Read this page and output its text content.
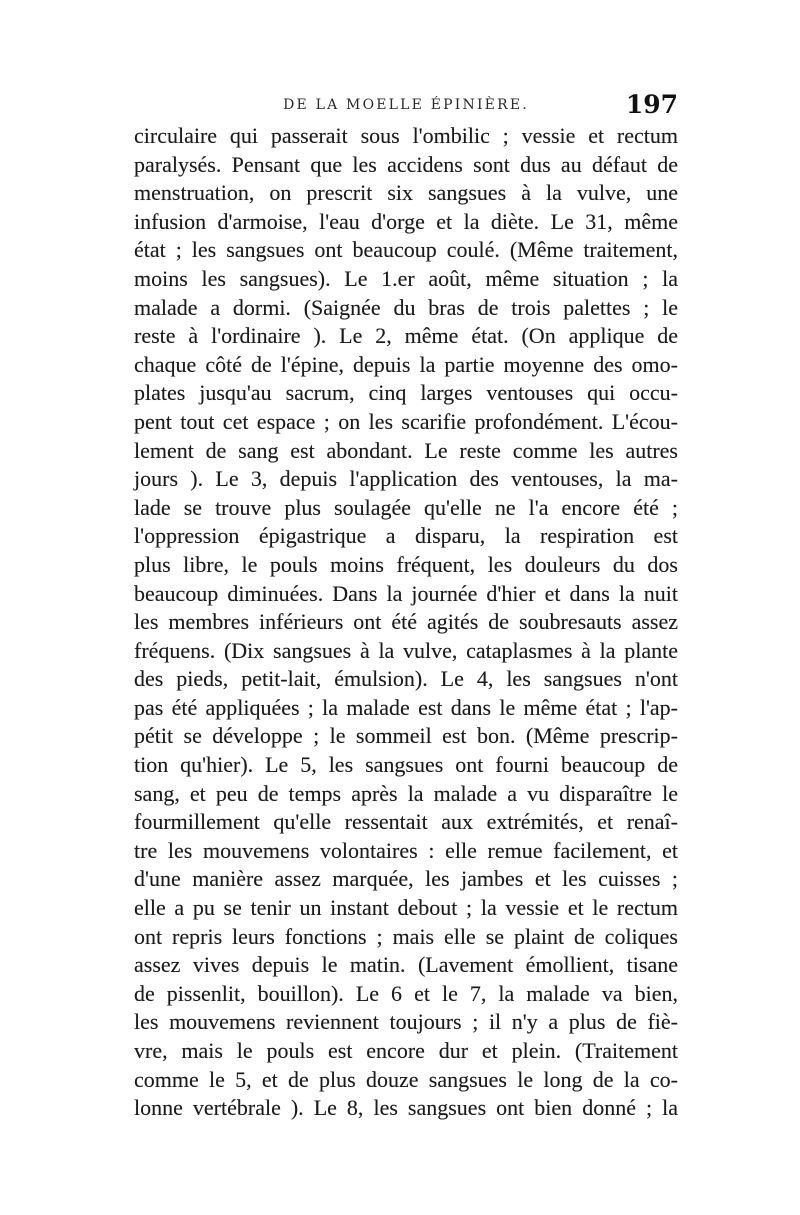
DE LA MOELLE ÉPINIÈRE.	197
circulaire qui passerait sous l'ombilic ; vessie et rectum
paralysés. Pensant que les accidens sont dus au défaut de
menstruation, on prescrit six sangsues à la vulve, une
infusion d'armoise, l'eau d'orge et la diète. Le 31, même
état ; les sangsues ont beaucoup coulé. (Même traitement,
moins les sangsues). Le 1.er août, même situation ; la
malade a dormi. (Saignée du bras de trois palettes ; le
reste à l'ordinaire ). Le 2, même état. (On applique de
chaque côté de l'épine, depuis la partie moyenne des omo-
plates jusqu'au sacrum, cinq larges ventouses qui occu-
pent tout cet espace ; on les scarifie profondément. L'écou-
lement de sang est abondant. Le reste comme les autres
jours ). Le 3, depuis l'application des ventouses, la ma-
lade se trouve plus soulagée qu'elle ne l'a encore été ;
l'oppression épigastrique a disparu, la respiration est
plus libre, le pouls moins fréquent, les douleurs du dos
beaucoup diminuées. Dans la journée d'hier et dans la nuit
les membres inférieurs ont été agités de soubresauts assez
fréquens. (Dix sangsues à la vulve, cataplasmes à la plante
des pieds, petit-lait, émulsion). Le 4, les sangsues n'ont
pas été appliquées ; la malade est dans le même état ; l'ap-
pétit se développe ; le sommeil est bon. (Même prescrip-
tion qu'hier). Le 5, les sangsues ont fourni beaucoup de
sang, et peu de temps après la malade a vu disparaître le
fourmillement qu'elle ressentait aux extrémités, et renaî-
tre les mouvemens volontaires : elle remue facilement, et
d'une manière assez marquée, les jambes et les cuisses ;
elle a pu se tenir un instant debout ; la vessie et le rectum
ont repris leurs fonctions ; mais elle se plaint de coliques
assez vives depuis le matin. (Lavement émollient, tisane
de pissenlit, bouillon). Le 6 et le 7, la malade va bien,
les mouvemens reviennent toujours ; il n'y a plus de fiè-
vre, mais le pouls est encore dur et plein. (Traitement
comme le 5, et de plus douze sangsues le long de la co-
lonne vertébrale ). Le 8, les sangsues ont bien donné ; la
